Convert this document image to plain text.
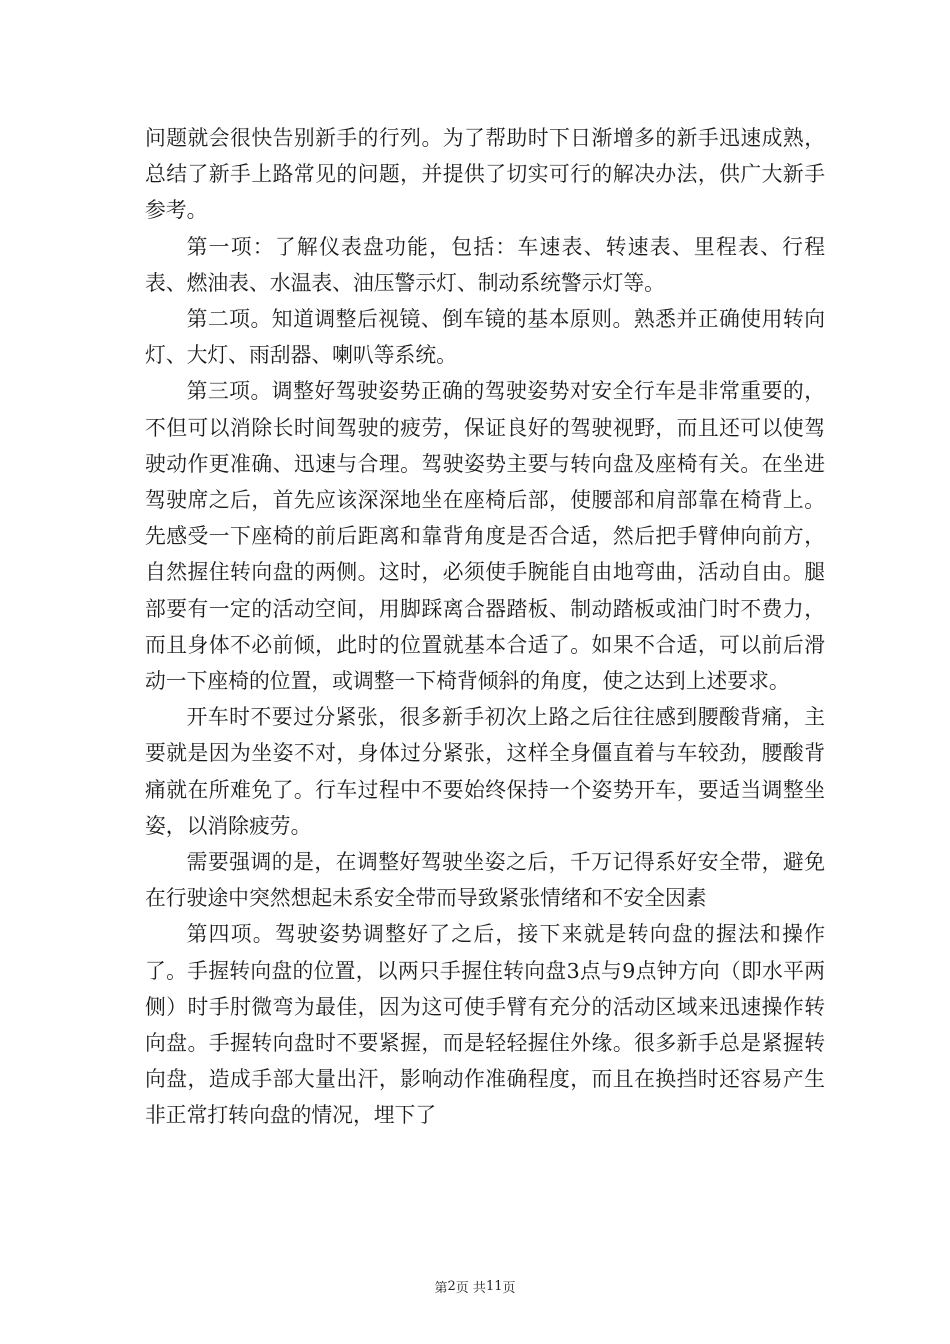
问题就会很快告别新手的行列。为了帮助时下日渐增多的新手迅速成熟，总结了新手上路常见的问题，并提供了切实可行的解决办法，供广大新手参考。

第一项：了解仪表盘功能，包括：车速表、转速表、里程表、行程表、燃油表、水温表、油压警示灯、制动系统警示灯等。

第二项。知道调整后视镜、倒车镜的基本原则。熟悉并正确使用转向灯、大灯、雨刮器、喇叭等系统。

第三项。调整好驾驶姿势正确的驾驶姿势对安全行车是非常重要的，不但可以消除长时间驾驶的疲劳，保证良好的驾驶视野，而且还可以使驾驶动作更准确、迅速与合理。驾驶姿势主要与转向盘及座椅有关。在坐进驾驶席之后，首先应该深深地坐在座椅后部，使腰部和肩部靠在椅背上。先感受一下座椅的前后距离和靠背角度是否合适，然后把手臂伸向前方，自然握住转向盘的两侧。这时，必须使手腕能自由地弯曲，活动自由。腿部要有一定的活动空间，用脚踩离合器踏板、制动踏板或油门时不费力，而且身体不必前倾，此时的位置就基本合适了。如果不合适，可以前后滑动一下座椅的位置，或调整一下椅背倾斜的角度，使之达到上述要求。

开车时不要过分紧张，很多新手初次上路之后往往感到腰酸背痛，主要就是因为坐姿不对，身体过分紧张，这样全身僵直着与车较劲，腰酸背痛就在所难免了。行车过程中不要始终保持一个姿势开车，要适当调整坐姿，以消除疲劳。

需要强调的是，在调整好驾驶坐姿之后，千万记得系好安全带，避免在行驶途中突然想起未系安全带而导致紧张情绪和不安全因素

第四项。驾驶姿势调整好了之后，接下来就是转向盘的握法和操作了。手握转向盘的位置，以两只手握住转向盘3点与9点钟方向（即水平两侧）时手肘微弯为最佳，因为这可使手臂有充分的活动区域来迅速操作转向盘。手握转向盘时不要紧握，而是轻轻握住外缘。很多新手总是紧握转向盘，造成手部大量出汗，影响动作准确程度，而且在换挡时还容易产生非正常打转向盘的情况，埋下了

第 2 页 共 11 页
